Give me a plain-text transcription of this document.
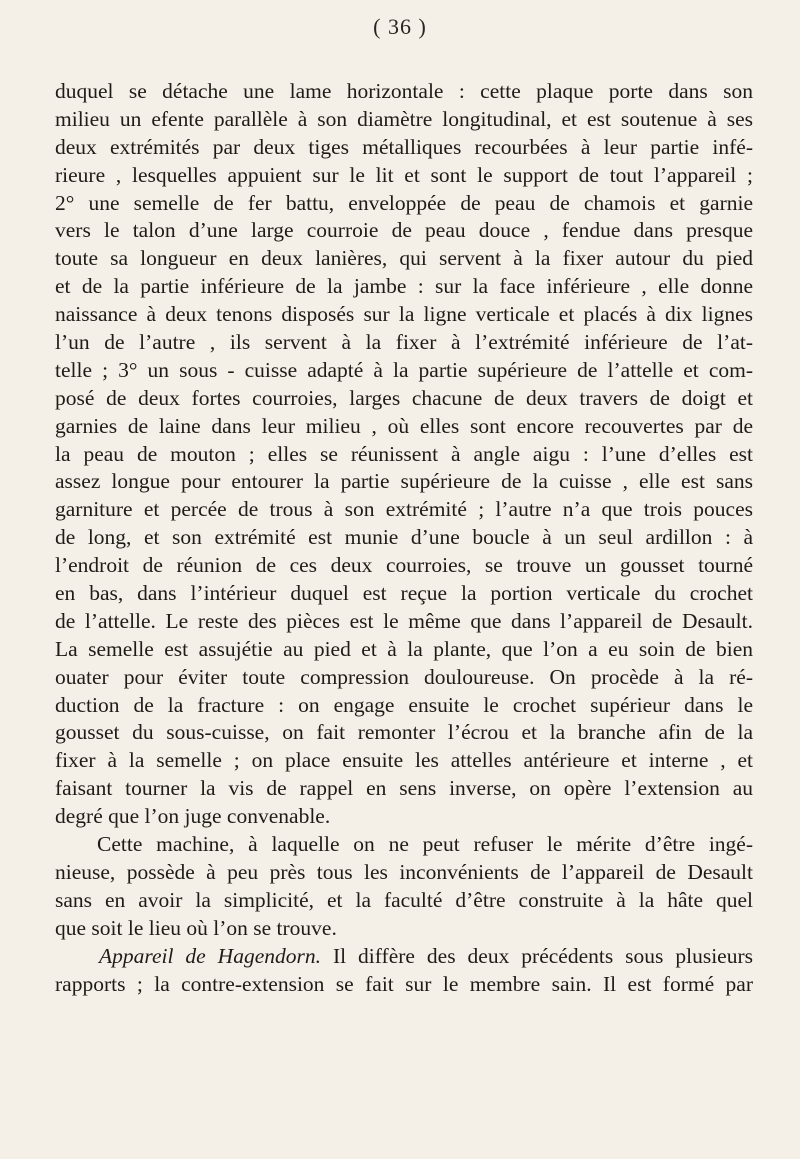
( 36 )
duquel se détache une lame horizontale : cette plaque porte dans son
milieu un efente parallèle à son diamètre longitudinal, et est soutenue à ses
deux extrémités par deux tiges métalliques recourbées à leur partie infé-
rieure , lesquelles appuient sur le lit et sont le support de tout l’appareil ;
2° une semelle de fer battu, enveloppée de peau de chamois et garnie
vers le talon d’une large courroie de peau douce , fendue dans presque
toute sa longueur en deux lanières, qui servent à la fixer autour du pied
et de la partie inférieure de la jambe : sur la face inférieure , elle donne
naissance à deux tenons disposés sur la ligne verticale et placés à dix lignes
l’un de l’autre , ils servent à la fixer à l’extrémité inférieure de l’at-
telle ; 3° un sous - cuisse adapté à la partie supérieure de l’attelle et com-
posé de deux fortes courroies, larges chacune de deux travers de doigt et
garnies de laine dans leur milieu , où elles sont encore recouvertes par de
la peau de mouton ; elles se réunissent à angle aigu : l’une d’elles est
assez longue pour entourer la partie supérieure de la cuisse , elle est sans
garniture et percée de trous à son extrémité ; l’autre n’a que trois pouces
de long, et son extrémité est munie d’une boucle à un seul ardillon : à
l’endroit de réunion de ces deux courroies, se trouve un gousset tourné
en bas, dans l’intérieur duquel est reçue la portion verticale du crochet
de l’attelle. Le reste des pièces est le même que dans l’appareil de Desault.
La semelle est assujétie au pied et à la plante, que l’on a eu soin de bien
ouater pour éviter toute compression douloureuse. On procède à la ré-
duction de la fracture : on engage ensuite le crochet supérieur dans le
gousset du sous-cuisse, on fait remonter l’écrou et la branche afin de la
fixer à la semelle ; on place ensuite les attelles antérieure et interne , et
faisant tourner la vis de rappel en sens inverse, on opère l’extension au
degré que l’on juge convenable.
Cette machine, à laquelle on ne peut refuser le mérite d’être ingé-
nieuse, possède à peu près tous les inconvénients de l’appareil de Desault
sans en avoir la simplicité, et la faculté d’être construite à la hâte quel
que soit le lieu où l’on se trouve.
Appareil de Hagendorn. Il diffère des deux précédents sous plusieurs
rapports ; la contre-extension se fait sur le membre sain. Il est formé par
